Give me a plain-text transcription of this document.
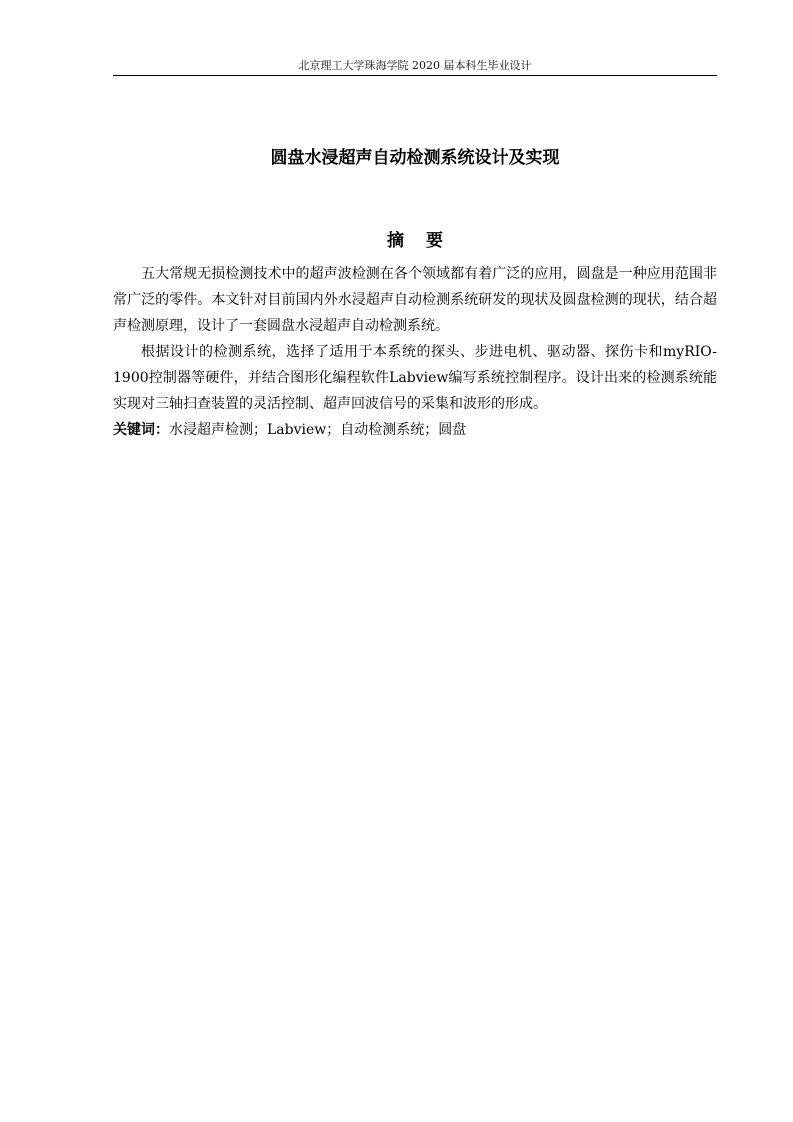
北京理工大学珠海学院 2020 届本科生毕业设计
圆盘水浸超声自动检测系统设计及实现
摘要

五大常规无损检测技术中的超声波检测在各个领域都有着广泛的应用，圆盘是一种应用范围非常广泛的零件。本文针对目前国内外水浸超声自动检测系统研发的现状及圆盘检测的现状，结合超声检测原理，设计了一套圆盘水浸超声自动检测系统。

根据设计的检测系统，选择了适用于本系统的探头、步进电机、驱动器、探伤卡和myRIO-1900控制器等硬件，并结合图形化编程软件Labview编写系统控制程序。设计出来的检测系统能实现对三轴扫查装置的灵活控制、超声回波信号的采集和波形的形成。

关键词：水浸超声检测；Labview；自动检测系统；圆盘
